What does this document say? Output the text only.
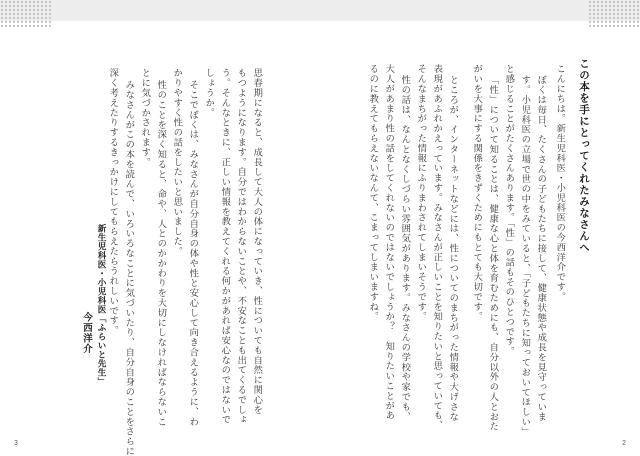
この本を手にとってくれたみなさんへ
こんにちは。新生児科医・小児科医の今西洋介です。
ぼくは毎日、たくさんの子どもたちに接して、健康状態や成長を見守っていま
す。小児科医の立場で世の中をみていると、「子どもたちに知っておいてほしい」
と感じることがたくさんあります。「性」の話もそのひとつです。
「性」について知ることは、健康な心と体を育むためにも、自分以外の人とおた
がいを大事にする関係をきずくためにもとても大切です。
ところが、インターネットなどには、性についてのまちがった情報や大げさな
表現があふれかえっています。みなさんが正しいことを知りたいと思っていても、
そんなまちがった情報にふりまわされてしまいそうです。
性の話は、なんとなくしづらい雰囲気があります。みなさんの学校や家でも、
大人があまり性の話をしてくれないのではないでしょうか？　知りたいことがあ
るのに教えてもらえないなんて、こまってしまいますね。
2
思春期になると、成長して大人の体になっていき、性についても自然に関心を
もつようになります。自分ではわからないことや、不安なことも出てくるでしょ
う。そんなときに、正しい情報を教えてくれる何かがあれば安心なのではないで
しょうか。
そこでぼくは、みなさんが自分自身の体や性と安心して向き合えるように、わ
かりやすく性の話をしたいと思いました。
性のことを深く知ると、命や、人とのかかわりを大切にしなければならないこ
とに気づかされます。
みなさんがこの本を読んで、いろいろなことに気づいたり、自分自身のことをさらに
深く考えたりするきっかけにしてもらえたらうれしいです。
新生児科医・小児科医「ふらいと先生」
今西洋介
3
